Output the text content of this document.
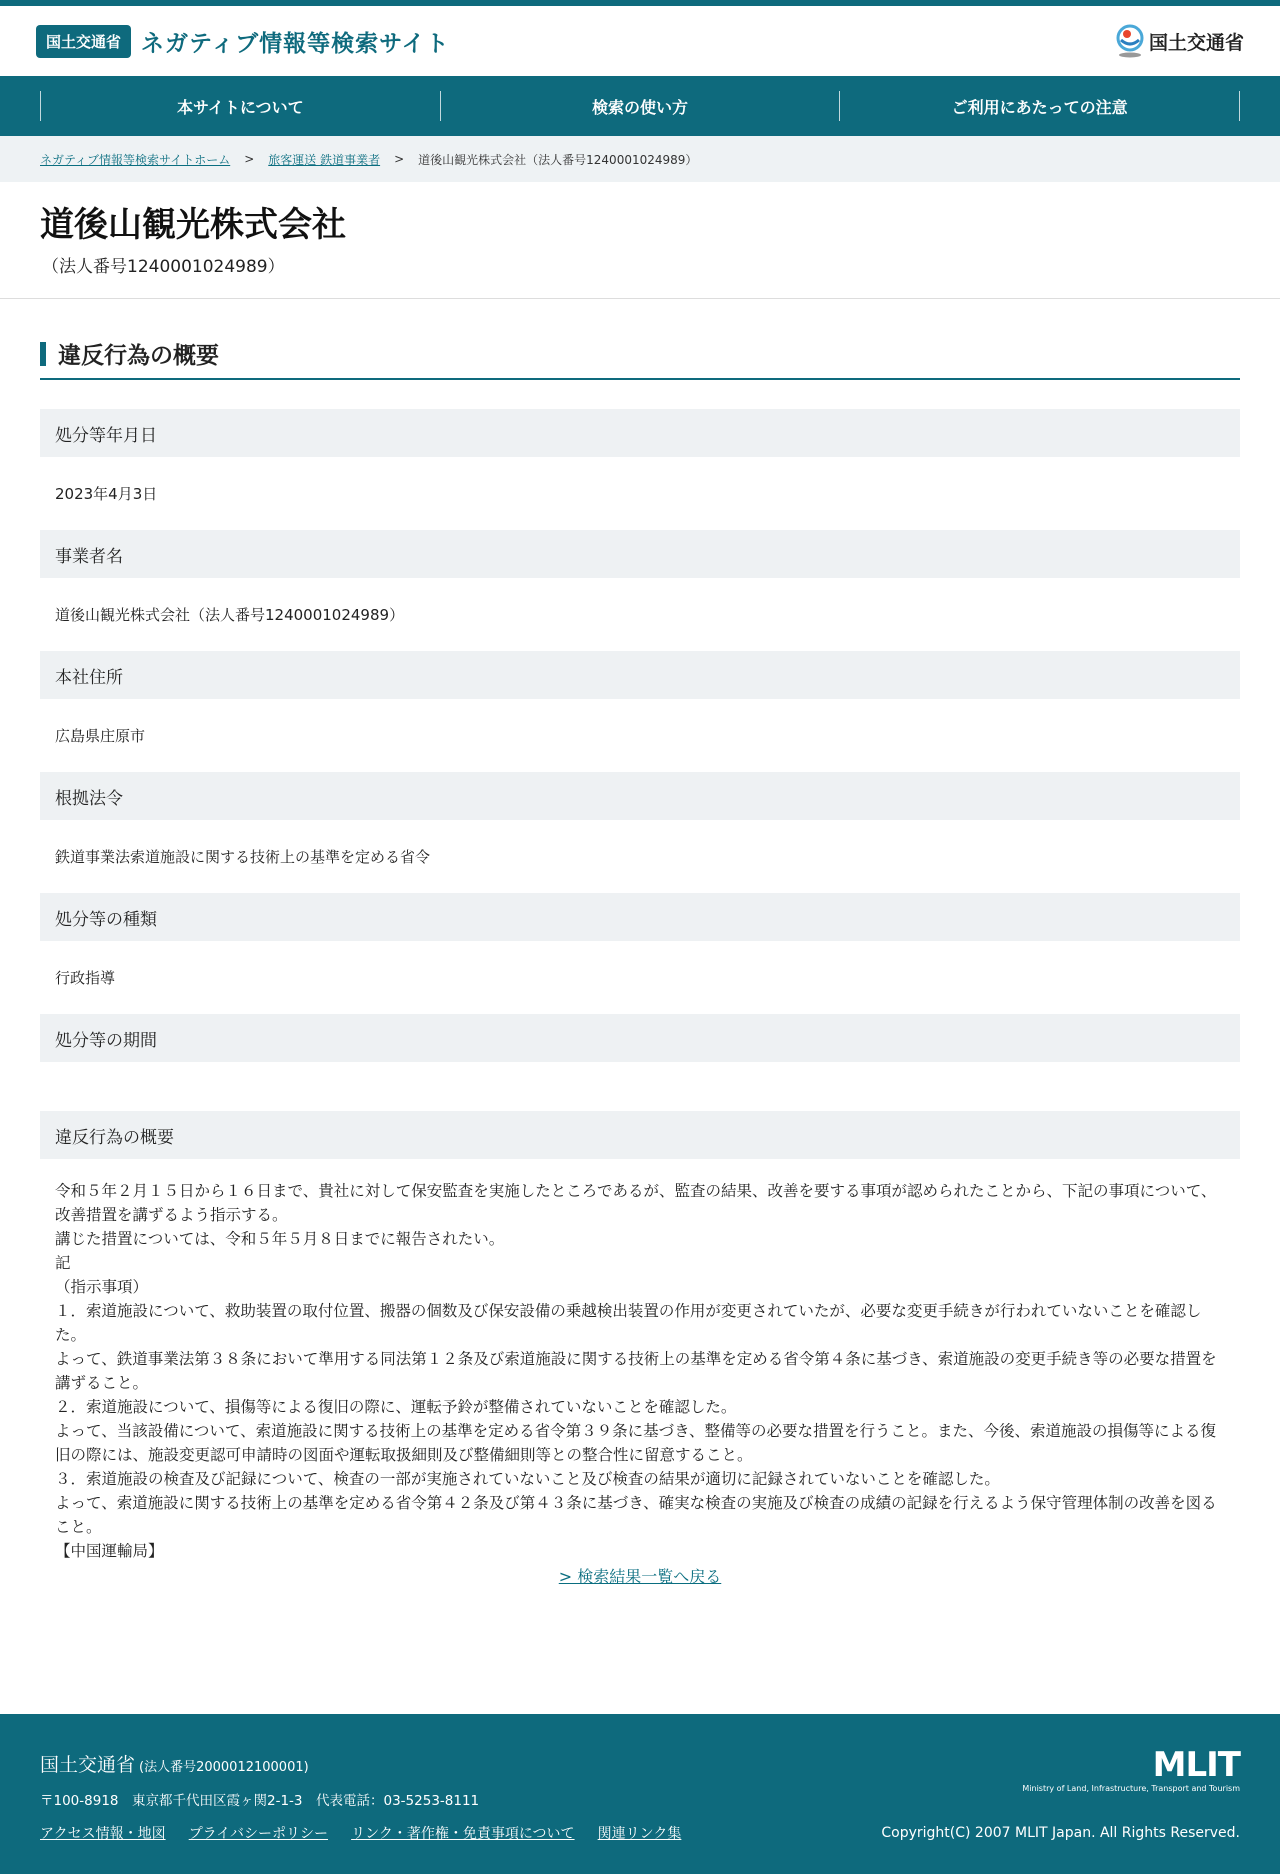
国土交通省 ネガティブ情報等検索サイト	国土交通省
本サイトについて	検索の使い方	ご利用にあたっての注意
ネガティブ情報等検索サイトホーム > 旅客運送 鉄道事業者 > 道後山観光株式会社（法人番号1240001024989）
道後山観光株式会社
（法人番号1240001024989）
違反行為の概要
処分等年月日
2023年4月3日
事業者名
道後山観光株式会社（法人番号1240001024989）
本社住所
広島県庄原市
根拠法令
鉄道事業法索道施設に関する技術上の基準を定める省令
処分等の種類
行政指導
処分等の期間
違反行為の概要
令和５年２月１５日から１６日まで、貴社に対して保安監査を実施したところであるが、監査の結果、改善を要する事項が認められたことから、下記の事項について、改善措置を講ずるよう指示する。
講じた措置については、令和５年５月８日までに報告されたい。
記
（指示事項）
１．索道施設について、救助装置の取付位置、搬器の個数及び保安設備の乗越検出装置の作用が変更されていたが、必要な変更手続きが行われていないことを確認した。
よって、鉄道事業法第３８条において準用する同法第１２条及び索道施設に関する技術上の基準を定める省令第４条に基づき、索道施設の変更手続き等の必要な措置を講ずること。
２．索道施設について、損傷等による復旧の際に、運転予鈴が整備されていないことを確認した。
よって、当該設備について、索道施設に関する技術上の基準を定める省令第３９条に基づき、整備等の必要な措置を行うこと。また、今後、索道施設の損傷等による復旧の際には、施設変更認可申請時の図面や運転取扱細則及び整備細則等との整合性に留意すること。
３．索道施設の検査及び記録について、検査の一部が実施されていないこと及び検査の結果が適切に記録されていないことを確認した。
よって、索道施設に関する技術上の基準を定める省令第４２条及び第４３条に基づき、確実な検査の実施及び検査の成績の記録を行えるよう保守管理体制の改善を図ること。
【中国運輸局】
> 検索結果一覧へ戻る
国土交通省 (法人番号2000012100001)
〒100-8918　東京都千代田区霞ヶ関2-1-3　代表電話：03-5253-8111
MLIT
Ministry of Land, Infrastructure, Transport and Tourism
アクセス情報・地図 プライバシーポリシー リンク・著作権・免責事項について 関連リンク集	Copyright(C) 2007 MLIT Japan. All Rights Reserved.
